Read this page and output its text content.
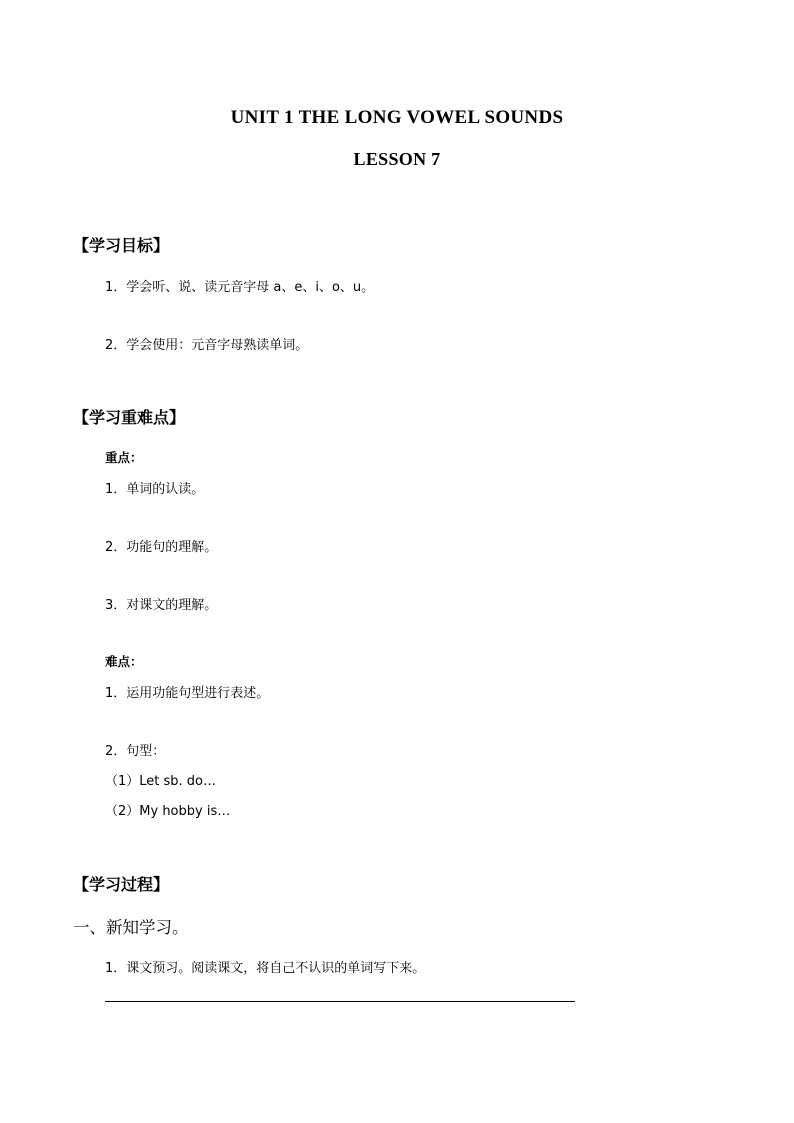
UNIT 1 THE LONG VOWEL SOUNDS
LESSON 7
【学习目标】
1．学会听、说、读元音字母 a、e、i、o、u。
2．学会使用：元音字母熟读单词。
【学习重难点】
重点：
1．单词的认读。
2．功能句的理解。
3．对课文的理解。
难点：
1．运用功能句型进行表述。
2．句型：
（1）Let sb. do…
（2）My hobby is…
【学习过程】
一、新知学习。
1．课文预习。阅读课文，将自己不认识的单词写下来。
